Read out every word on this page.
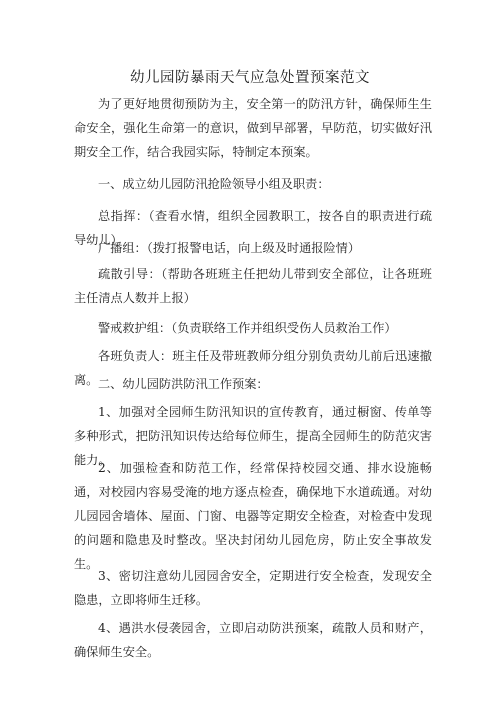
幼儿园防暴雨天气应急处置预案范文
为了更好地贯彻预防为主，安全第一的防汛方针，确保师生生命安全，强化生命第一的意识，做到早部署，早防范，切实做好汛期安全工作，结合我园实际，特制定本预案。
一、成立幼儿园防汛抢险领导小组及职责：
总指挥：（查看水情，组织全园教职工，按各自的职责进行疏导幼儿）
广播组：（拨打报警电话，向上级及时通报险情）
疏散引导：（帮助各班班主任把幼儿带到安全部位，让各班班主任清点人数并上报）
警戒救护组：（负责联络工作并组织受伤人员救治工作）
各班负责人：班主任及带班教师分组分别负责幼儿前后迅速撤离。 二、幼儿园防洪防汛工作预案：
1、加强对全园师生防汛知识的宣传教育，通过橱窗、传单等多种形式，把防汛知识传达给每位师生，提高全园师生的防范灾害能力。
2、加强检查和防范工作，经常保持校园交通、排水设施畅通，对校园内容易受淹的地方逐点检查，确保地下水道疏通。对幼儿园园舍墙体、屋面、门窗、电器等定期安全检查，对检查中发现的问题和隐患及时整改。坚决封闭幼儿园危房，防止安全事故发生。
3、密切注意幼儿园园舍安全，定期进行安全检查，发现安全隐患，立即将师生迁移。
4、遇洪水侵袭园舍，立即启动防洪预案，疏散人员和财产，确保师生安全。
